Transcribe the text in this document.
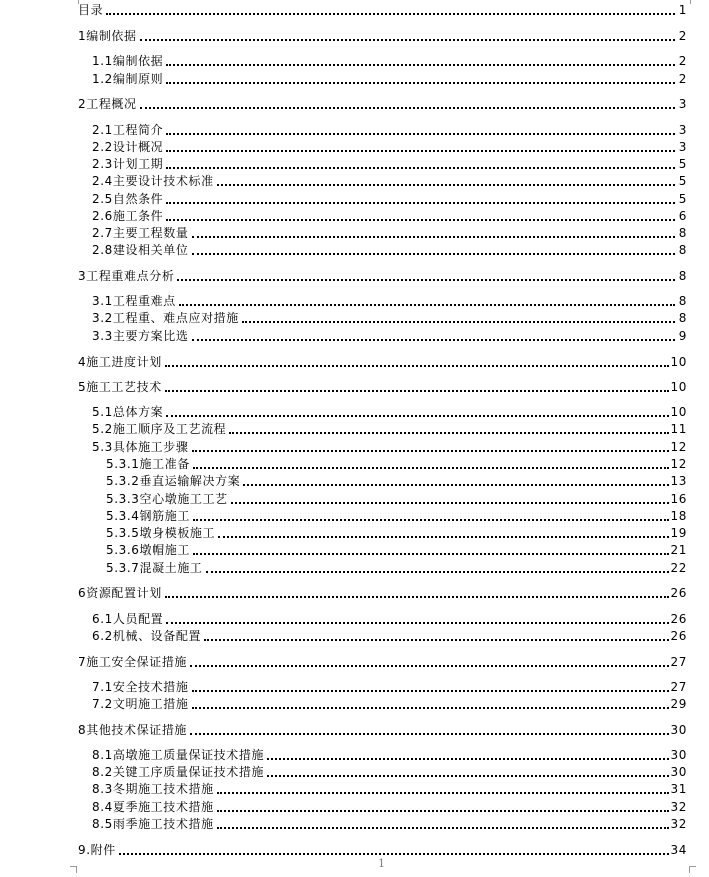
目录	1
1编制依据	2
1.1编制依据	2
1.2编制原则	2
2工程概况	3
2.1工程简介	3
2.2设计概况	3
2.3计划工期	5
2.4主要设计技术标准	5
2.5自然条件	5
2.6施工条件	6
2.7主要工程数量	8
2.8建设相关单位	8
3工程重难点分析	8
3.1工程重难点	8
3.2工程重、难点应对措施	8
3.3主要方案比选	9
4施工进度计划	10
5施工工艺技术	10
5.1总体方案	10
5.2施工顺序及工艺流程	11
5.3具体施工步骤	12
5.3.1施工准备	12
5.3.2垂直运输解决方案	13
5.3.3空心墩施工工艺	16
5.3.4钢筋施工	18
5.3.5墩身模板施工	19
5.3.6墩帽施工	21
5.3.7混凝土施工	22
6资源配置计划	26
6.1人员配置	26
6.2机械、设备配置	26
7施工安全保证措施	27
7.1安全技术措施	27
7.2文明施工措施	29
8其他技术保证措施	30
8.1高墩施工质量保证技术措施	30
8.2关键工序质量保证技术措施	30
8.3冬期施工技术措施	31
8.4夏季施工技术措施	32
8.5雨季施工技术措施	32
9.附件	34
1
